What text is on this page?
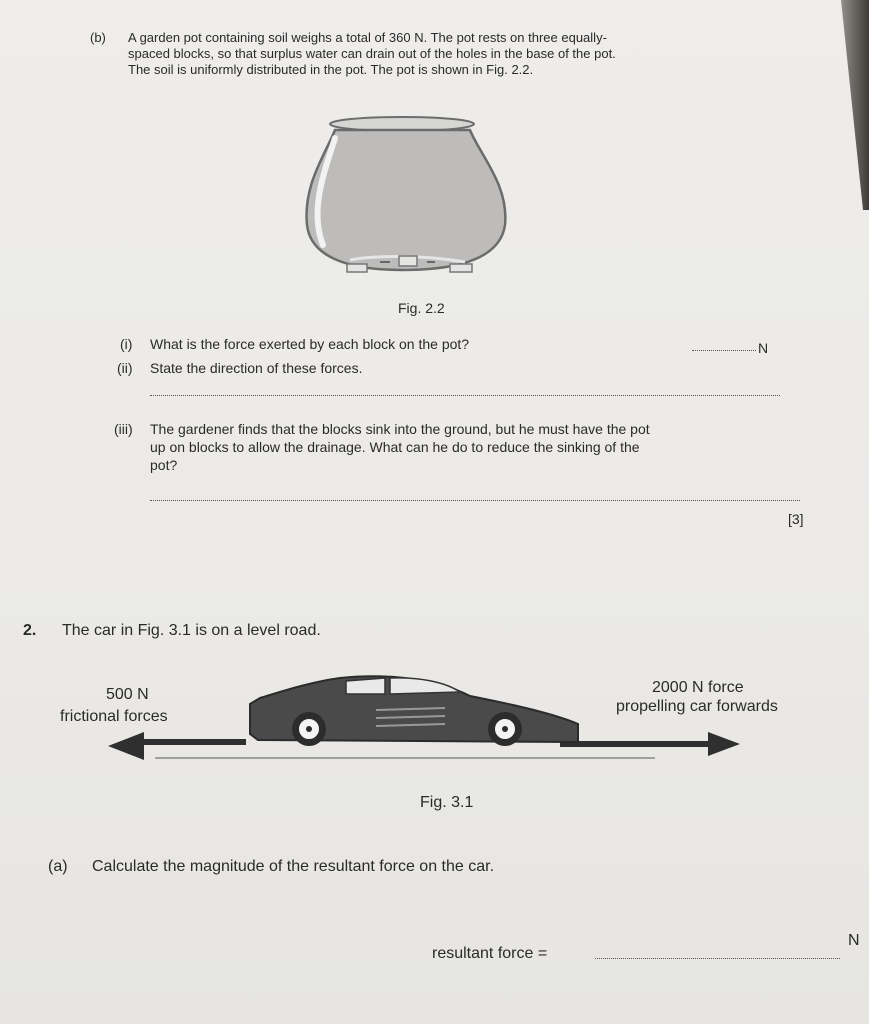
(b) A garden pot containing soil weighs a total of 360 N. The pot rests on three equally-
spaced blocks, so that surplus water can drain out of the holes in the base of the pot.
The soil is uniformly distributed in the pot. The pot is shown in Fig. 2.2.
Fig. 2.2
(i) What is the force exerted by each block on the pot?	N
(ii) State the direction of these forces.
(iii) The gardener finds that the blocks sink into the ground, but he must have the pot
up on blocks to allow the drainage. What can he do to reduce the sinking of the
pot?
[3]
2. The car in Fig. 3.1 is on a level road.
500 N
frictional forces
2000 N force
propelling car forwards
Fig. 3.1
(a) Calculate the magnitude of the resultant force on the car.
resultant force =
N
